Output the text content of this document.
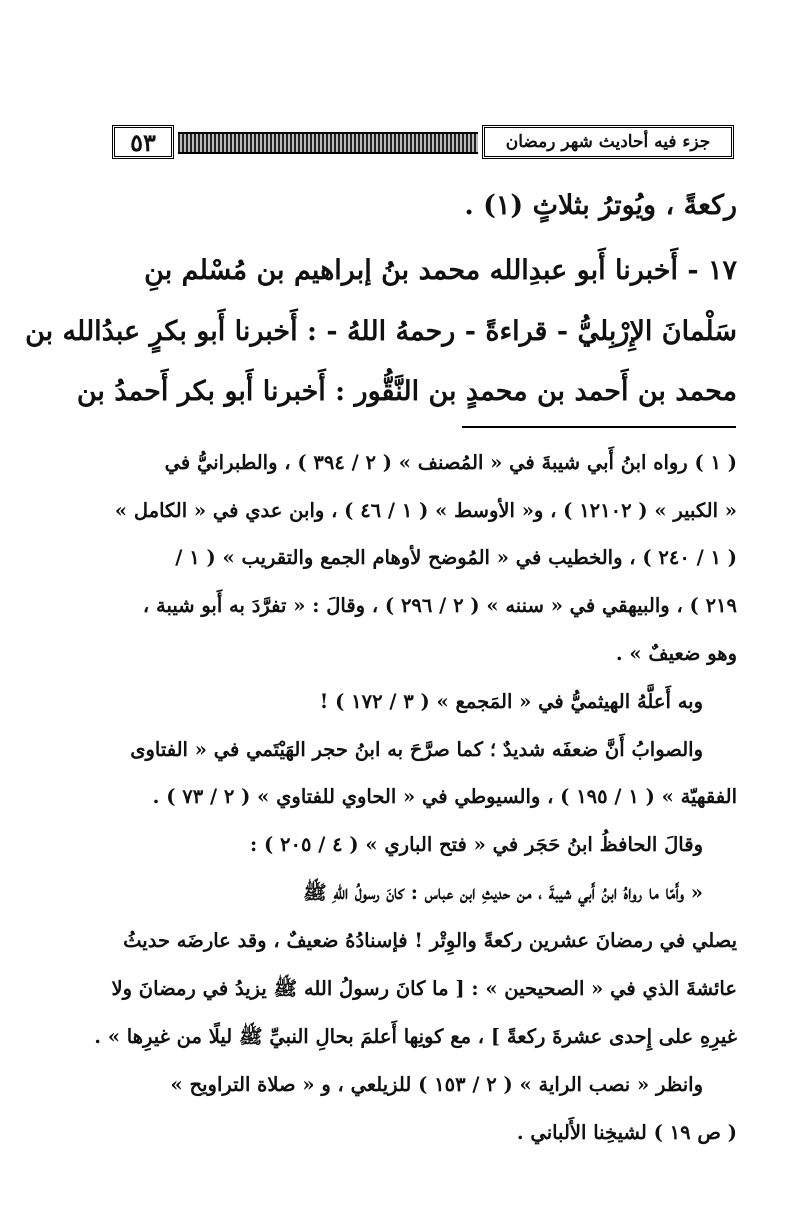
٥٣	جزء فيه أحاديث شهر رمضان
ركعةً ، ويُوترُ بثلاثٍ (١) .
١٧ - أَخبرنا أَبو عبدِالله محمد بنُ إبراهيم بن مُسْلم بنِ
سَلْمانَ الإِرْبِليُّ - قراءةً - رحمهُ اللهُ - : أَخبرنا أَبو بكرٍ عبدُالله بن
محمد بن أَحمد بن محمدٍ بن النَّقُّور : أَخبرنا أَبو بكر أَحمدُ بن
( ١ ) رواه ابنُ أَبي شيبةَ في « المُصنف » ( ٢ / ٣٩٤ ) ، والطبرانيُّ في
« الكبير » ( ١٢١٠٢ ) ، و« الأوسط » ( ١ / ٤٦ ) ، وابن عدي في « الكامل »
( ١ / ٢٤٠ ) ، والخطيب في « المُوضح لأوهام الجمع والتقريب » ( ١ /
٢١٩ ) ، والبيهقي في « سننه » ( ٢ / ٢٩٦ ) ، وقالَ : « تفرَّدَ به أَبو شيبة ،
وهو ضعيفٌ » .
وبه أَعلَّهُ الهيثميُّ في « المَجمع » ( ٣ / ١٧٢ ) !
والصوابُ أَنَّ ضعفَه شديدٌ ؛ كما صرَّحَ به ابنُ حجر الهَيْتَمي في « الفتاوى
الفقهيّة » ( ١ / ١٩٥ ) ، والسيوطي في « الحاوي للفتاوي » ( ٢ / ٧٣ ) .
وقالَ الحافظُ ابنُ حَجَر في « فتح الباري » ( ٤ / ٢٠٥ ) :
« وأَمّا ما رواهُ ابنُ أَبي شيبةَ ، من حديثِ ابن عباس : كانَ رسولُ اللهِ ﷺ
يصلي في رمضانَ عشرين ركعةً والوِتْر ! فإسنادُهُ ضعيفٌ ، وقد عارضَه حديثُ
عائشةَ الذي في « الصحيحين » : [ ما كانَ رسولُ الله ﷺ يزيدُ في رمضانَ ولا
غيرِهِ على إِحدى عشرةَ ركعةً ] ، مع كونِها أَعلمَ بحالِ النبيِّ ﷺ ليلًا من غيرِها » .
وانظر « نصب الراية » ( ٢ / ١٥٣ ) للزيلعي ، و « صلاة التراويح »
( ص ١٩ ) لشيخِنا الأَلباني .
